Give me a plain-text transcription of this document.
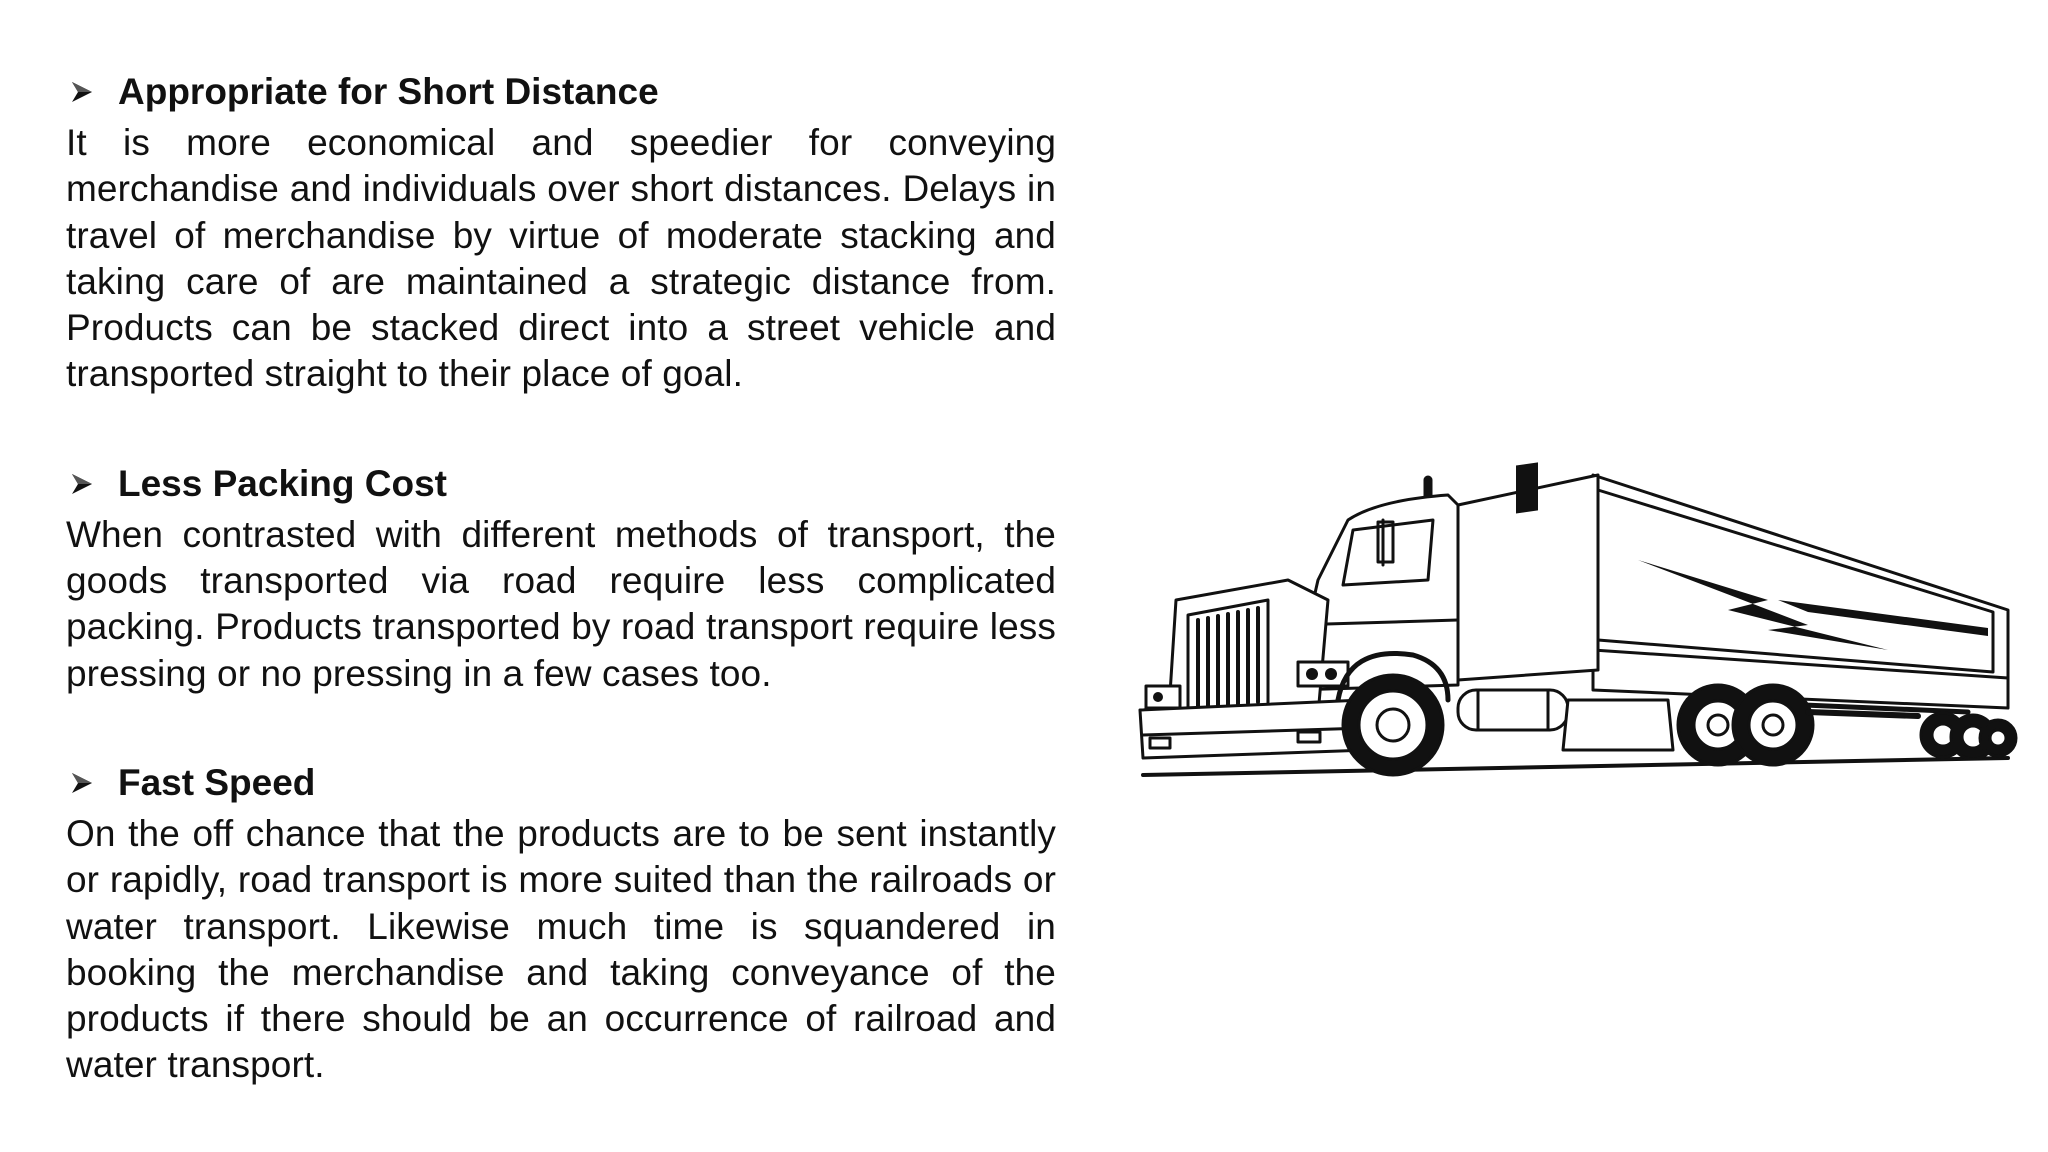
Appropriate for Short Distance

It is more economical and speedier for conveying merchandise and individuals over short distances. Delays in travel of merchandise by virtue of moderate stacking and taking care of are maintained a strategic distance from. Products can be stacked direct into a street vehicle and transported straight to their place of goal.

Less Packing Cost

When contrasted with different methods of transport, the goods transported via road require less complicated packing. Products transported by road transport require less pressing or no pressing in a few cases too.

Fast Speed

On the off chance that the products are to be sent instantly or rapidly, road transport is more suited than the railroads or water transport. Likewise much time is squandered in booking the merchandise and taking conveyance of the products if there should be an occurrence of railroad and water transport.
